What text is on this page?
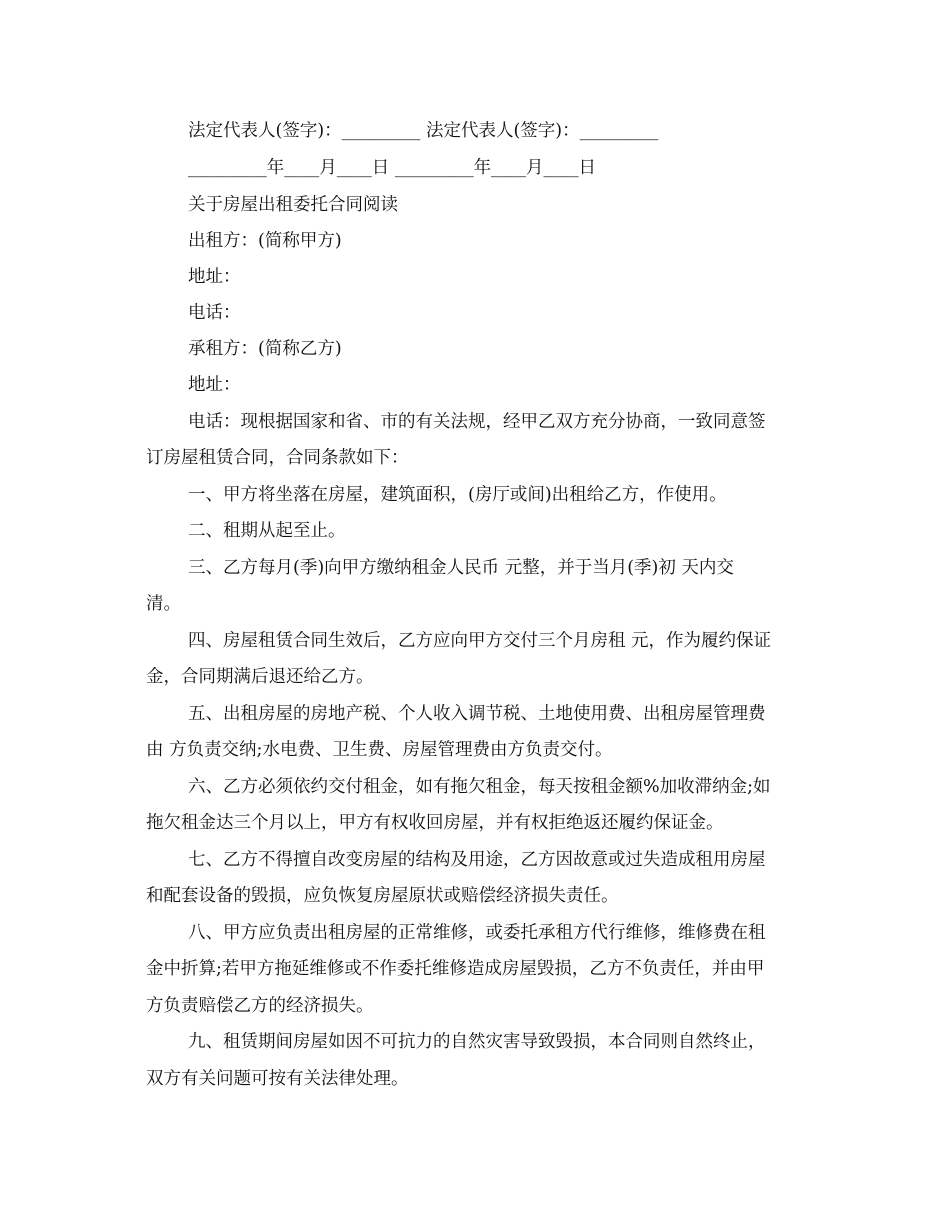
法定代表人(签字)：_________ 法定代表人(签字)：_________
_________年____月____日 _________年____月____日
关于房屋出租委托合同阅读
出租方：(简称甲方)
地址：
电话：
承租方：(简称乙方)
地址：
电话：现根据国家和省、市的有关法规，经甲乙双方充分协商，一致同意签
订房屋租赁合同，合同条款如下：
一、甲方将坐落在房屋，建筑面积，(房厅或间)出租给乙方，作使用。
二、租期从起至止。
三、乙方每月(季)向甲方缴纳租金人民币 元整，并于当月(季)初 天内交
清。
四、房屋租赁合同生效后，乙方应向甲方交付三个月房租 元，作为履约保证
金，合同期满后退还给乙方。
五、出租房屋的房地产税、个人收入调节税、土地使用费、出租房屋管理费
由 方负责交纳;水电费、卫生费、房屋管理费由方负责交付。
六、乙方必须依约交付租金，如有拖欠租金，每天按租金额%加收滞纳金;如
拖欠租金达三个月以上，甲方有权收回房屋，并有权拒绝返还履约保证金。
七、乙方不得擅自改变房屋的结构及用途，乙方因故意或过失造成租用房屋
和配套设备的毁损，应负恢复房屋原状或赔偿经济损失责任。
八、甲方应负责出租房屋的正常维修，或委托承租方代行维修，维修费在租
金中折算;若甲方拖延维修或不作委托维修造成房屋毁损，乙方不负责任，并由甲
方负责赔偿乙方的经济损失。
九、租赁期间房屋如因不可抗力的自然灾害导致毁损，本合同则自然终止，
双方有关问题可按有关法律处理。
